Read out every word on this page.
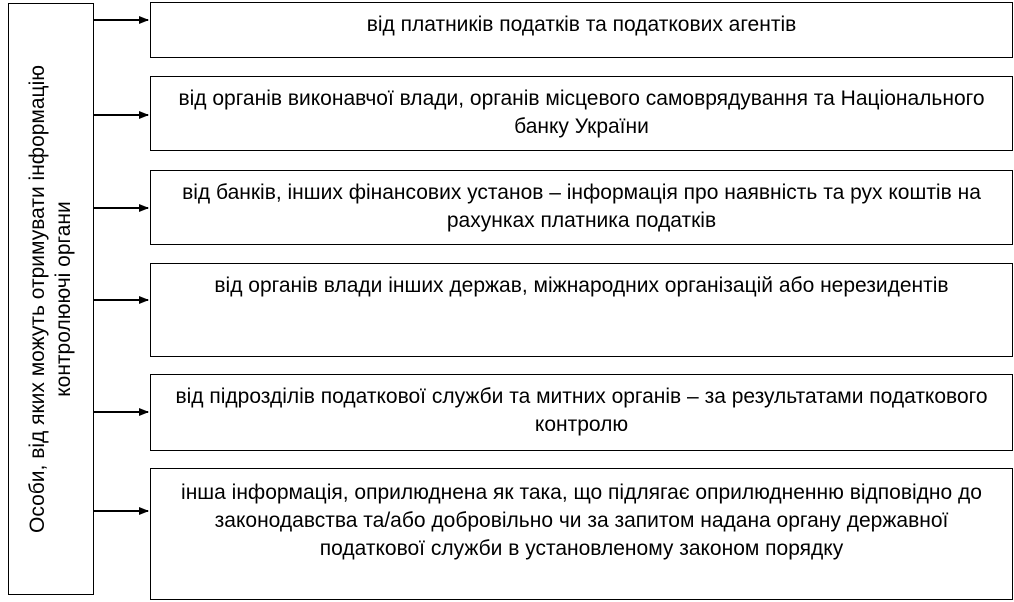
Особи, від яких можуть отримувати інформацію контролюючі органи
від платників податків та податкових агентів
від органів виконавчої влади, органів місцевого самоврядування та Національного банку України
від банків, інших фінансових установ – інформація про наявність та рух коштів на рахунках платника податків
від органів влади інших держав, міжнародних організацій або нерезидентів
від підрозділів податкової служби та митних органів – за результатами податкового контролю
інша інформація, оприлюднена як така, що підлягає оприлюдненню відповідно до законодавства та/або добровільно чи за запитом надана органу державної податкової служби в установленому законом порядку
